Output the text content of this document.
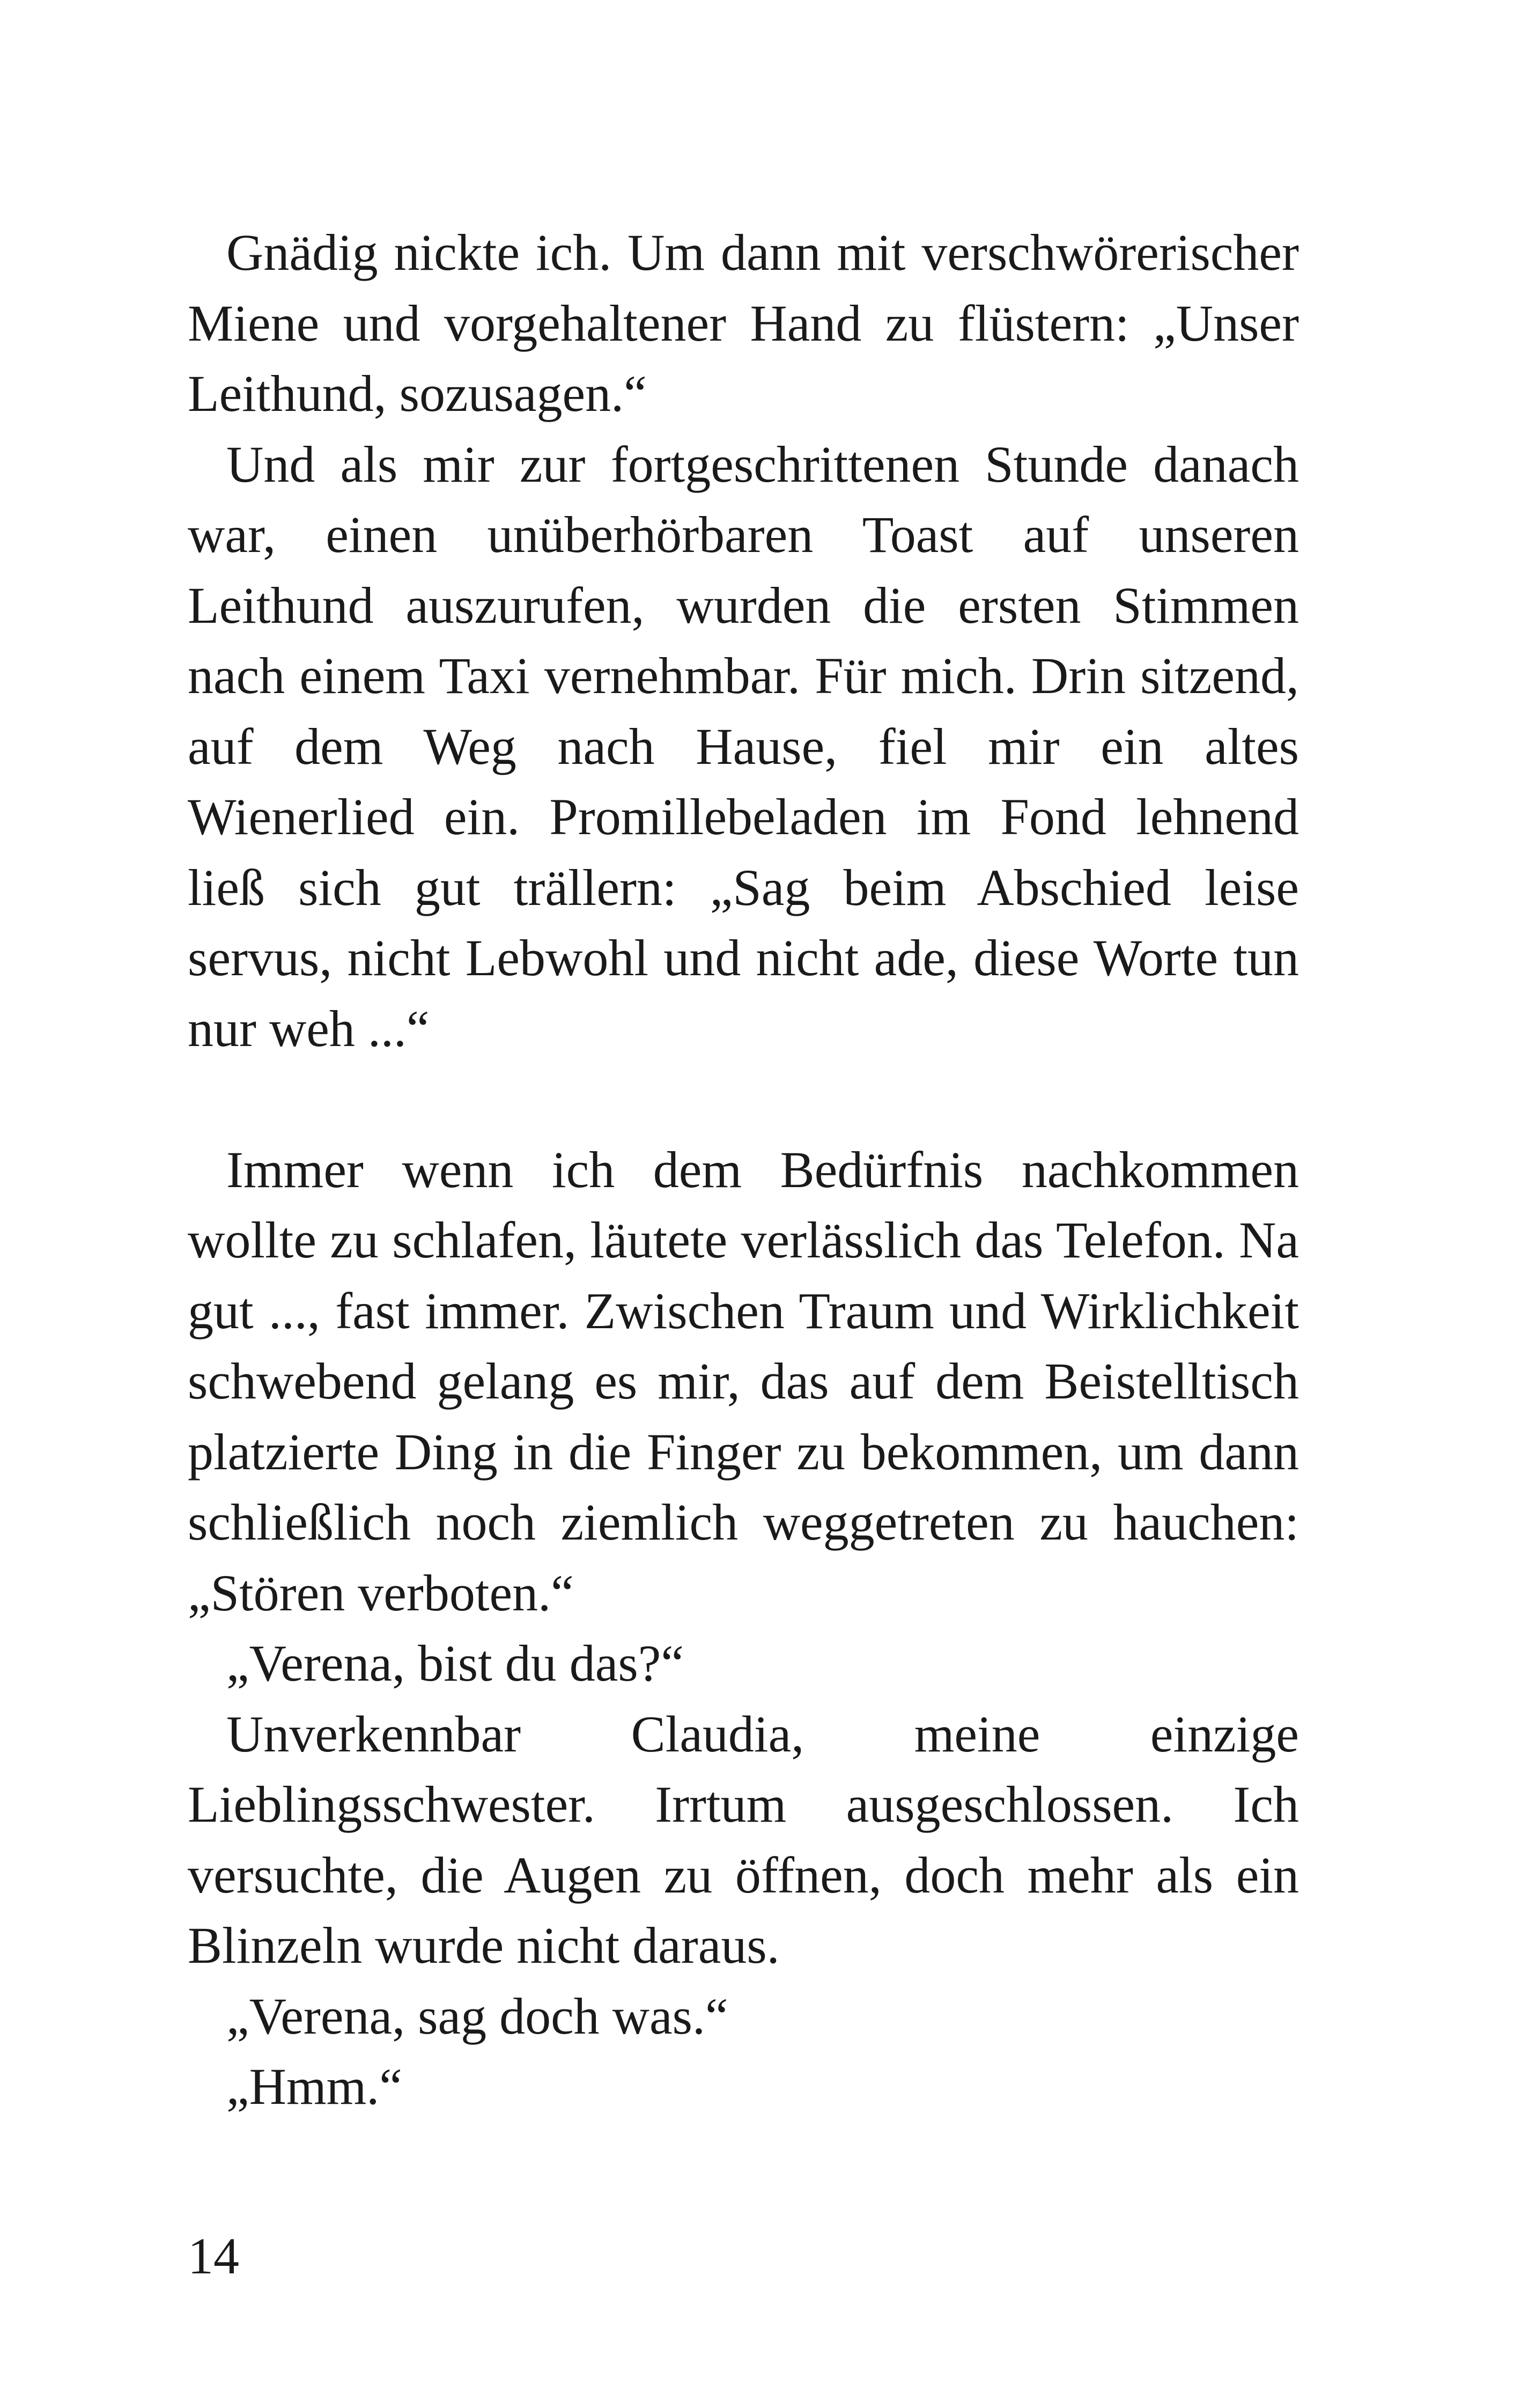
Gnädig nickte ich. Um dann mit verschwörerischer Miene und vorgehaltener Hand zu flüstern: „Unser Leithund, sozusagen.“

Und als mir zur fortgeschrittenen Stunde danach war, einen unüberhörbaren Toast auf unseren Leithund auszurufen, wurden die ersten Stimmen nach einem Taxi vernehmbar. Für mich. Drin sitzend, auf dem Weg nach Hause, fiel mir ein altes Wienerlied ein. Promillebeladen im Fond lehnend ließ sich gut trällern: „Sag beim Abschied leise servus, nicht Lebwohl und nicht ade, diese Worte tun nur weh ...“

Immer wenn ich dem Bedürfnis nachkommen wollte zu schlafen, läutete verlässlich das Telefon. Na gut ..., fast immer. Zwischen Traum und Wirklichkeit schwebend gelang es mir, das auf dem Beistelltisch platzierte Ding in die Finger zu bekommen, um dann schließlich noch ziemlich weggetreten zu hauchen: „Stören verboten.“

„Verena, bist du das?“

Unverkennbar Claudia, meine einzige Lieblingsschwester. Irrtum ausgeschlossen. Ich versuchte, die Augen zu öffnen, doch mehr als ein Blinzeln wurde nicht daraus.

„Verena, sag doch was.“

„Hmm.“

14
